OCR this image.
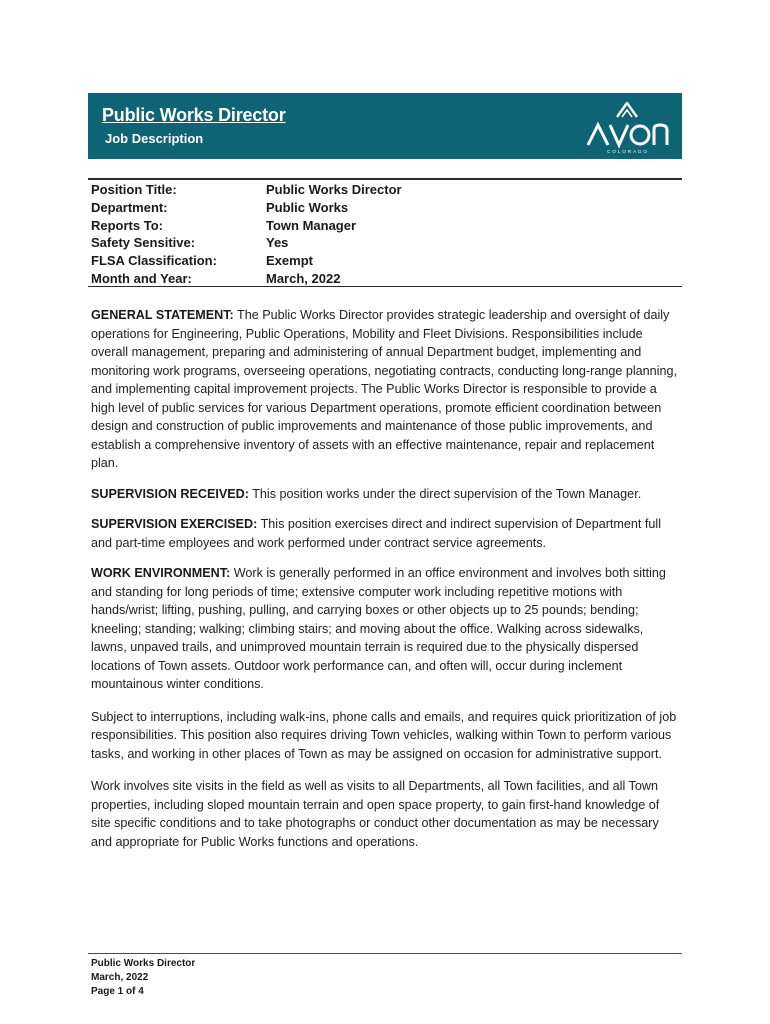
Public Works Director
Job Description
COLORADO
Position Title:	Public Works Director
Department:	Public Works
Reports To:	Town Manager
Safety Sensitive:	Yes
FLSA Classification:	Exempt
Month and Year:	March, 2022

GENERAL STATEMENT: The Public Works Director provides strategic leadership and oversight of daily operations for Engineering, Public Operations, Mobility and Fleet Divisions. Responsibilities include overall management, preparing and administering of annual Department budget, implementing and monitoring work programs, overseeing operations, negotiating contracts, conducting long-range planning, and implementing capital improvement projects. The Public Works Director is responsible to provide a high level of public services for various Department operations, promote efficient coordination between design and construction of public improvements and maintenance of those public improvements, and establish a comprehensive inventory of assets with an effective maintenance, repair and replacement plan.

SUPERVISION RECEIVED: This position works under the direct supervision of the Town Manager.

SUPERVISION EXERCISED: This position exercises direct and indirect supervision of Department full and part-time employees and work performed under contract service agreements.

WORK ENVIRONMENT: Work is generally performed in an office environment and involves both sitting and standing for long periods of time; extensive computer work including repetitive motions with hands/wrist; lifting, pushing, pulling, and carrying boxes or other objects up to 25 pounds; bending; kneeling; standing; walking; climbing stairs; and moving about the office. Walking across sidewalks, lawns, unpaved trails, and unimproved mountain terrain is required due to the physically dispersed locations of Town assets. Outdoor work performance can, and often will, occur during inclement mountainous winter conditions.

Subject to interruptions, including walk-ins, phone calls and emails, and requires quick prioritization of job responsibilities. This position also requires driving Town vehicles, walking within Town to perform various tasks, and working in other places of Town as may be assigned on occasion for administrative support.

Work involves site visits in the field as well as visits to all Departments, all Town facilities, and all Town properties, including sloped mountain terrain and open space property, to gain first-hand knowledge of site specific conditions and to take photographs or conduct other documentation as may be necessary and appropriate for Public Works functions and operations.

Public Works Director
March, 2022
Page 1 of 4
